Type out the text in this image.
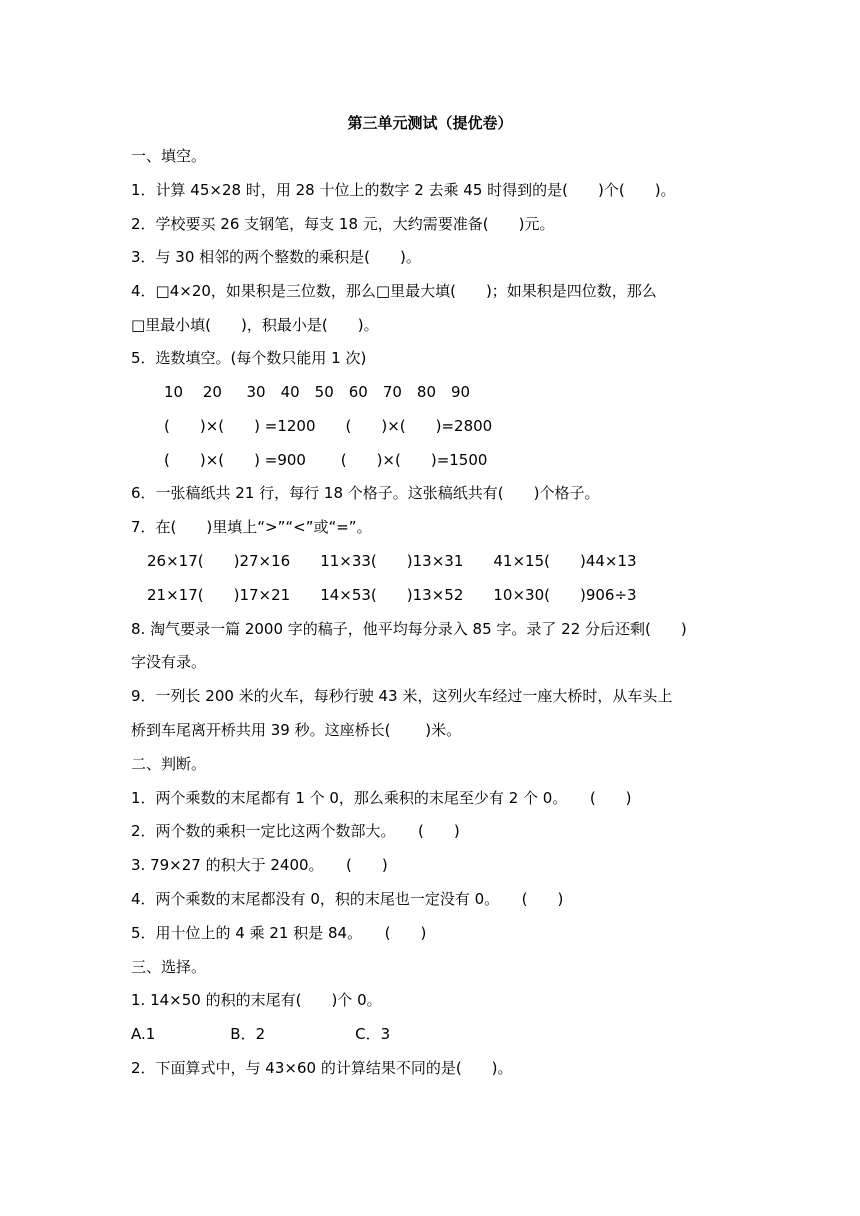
第三单元测试（提优卷）
一、填空。
1．计算 45×28 时，用 28 十位上的数字 2 去乘 45 时得到的是(　　)个(　　)。
2．学校要买 26 支钢笔，每支 18 元，大约需要准备(　　)元。
3．与 30 相邻的两个整数的乘积是(　　)。
4．□4×20，如果积是三位数，那么□里最大填(　　)；如果积是四位数，那么
□里最小填(　　)，积最小是(　　)。
5．选数填空。(每个数只能用 1 次)
10　 20　  30　40　50　60　70　80　90
(　　)×(　　) =1200　　(　　)×(　　)=2800
(　　)×(　　) =900　　 (　　)×(　　)=1500
6．一张稿纸共 21 行，每行 18 个格子。这张稿纸共有(　　)个格子。
7．在(　　)里填上“>”“<”或“=”。
26×17(　　)27×16　　11×33(　　)13×31　　41×15(　　)44×13
21×17(　　)17×21　　14×53(　　)13×52　　10×30(　　)906÷3
8. 淘气要录一篇 2000 字的稿子，他平均每分录入 85 字。录了 22 分后还剩(　　)
字没有录。
9．一列长 200 米的火车，每秒行驶 43 米，这列火车经过一座大桥时，从车头上
桥到车尾离开桥共用 39 秒。这座桥长(　　 )米。
二、判断。
1．两个乘数的末尾都有 1 个 0，那么乘积的末尾至少有 2 个 0。　　(　　)
2．两个数的乘积一定比这两个数部大。　　(　　)
3. 79×27 的积大于 2400。　　(　　)
4．两个乘数的末尾都没有 0，积的末尾也一定没有 0。　　(　　)
5．用十位上的 4 乘 21 积是 84。　　(　　)
三、选择。
1. 14×50 的积的末尾有(　　)个 0。
A.1　　　　　B．2　　　　　　C．3
2．下面算式中，与 43×60 的计算结果不同的是(　　)。
